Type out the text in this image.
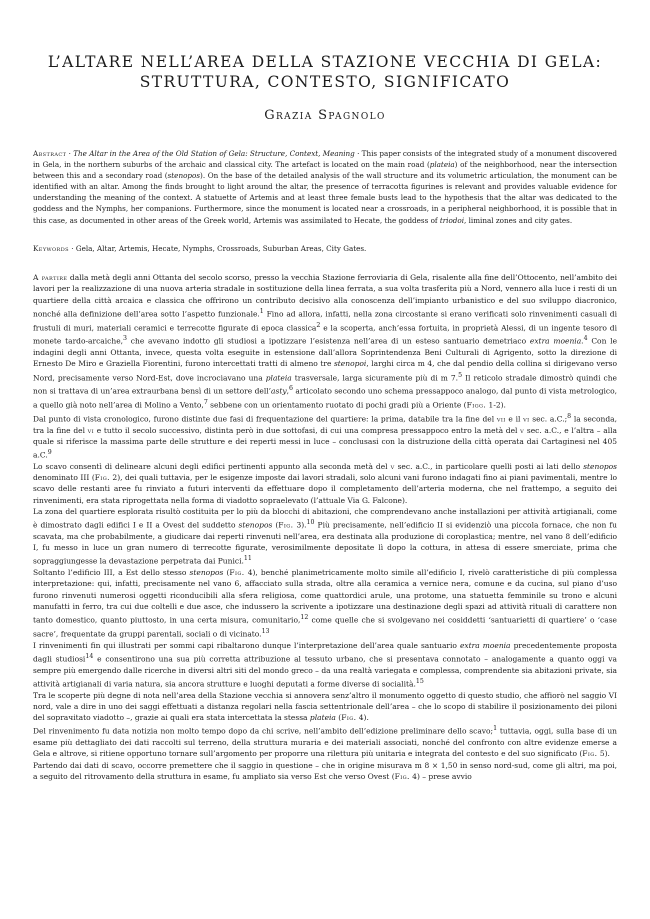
L’ALTARE NELL’AREA DELLA STAZIONE VECCHIA DI GELA:
STRUTTURA, CONTESTO, SIGNIFICATO

Grazia Spagnolo

Abstract · The Altar in the Area of the Old Station of Gela: Structure, Context, Meaning · This paper consists of the integrated study of a monument discovered in Gela, in the northern suburbs of the archaic and classical city. The artefact is located on the main road (plateia) of the neighborhood, near the intersection between this and a secondary road (stenopos). On the base of the detailed analysis of the wall structure and its volumetric articulation, the monument can be identified with an altar. Among the finds brought to light around the altar, the presence of terracotta figurines is relevant and provides valuable evidence for understanding the meaning of the context. A statuette of Artemis and at least three female busts lead to the hypothesis that the altar was dedicated to the goddess and the Nymphs, her companions. Furthermore, since the monument is located near a crossroads, in a peripheral neighborhood, it is possible that in this case, as documented in other areas of the Greek world, Artemis was assimilated to Hecate, the goddess of triodoi, liminal zones and city gates.

Keywords · Gela, Altar, Artemis, Hecate, Nymphs, Crossroads, Suburban Areas, City Gates.

A partire dalla metà degli anni Ottanta del secolo scorso, presso la vecchia Stazione ferroviaria di Gela, risalente alla fine dell’Ottocento, nell’ambito dei lavori per la realizzazione di una nuova arteria stradale in sostituzione della linea ferrata, a sua volta trasferita più a Nord, vennero alla luce i resti di un quartiere della città arcaica e classica che offrirono un contributo decisivo alla conoscenza dell’impianto urbanistico e del suo sviluppo diacronico, nonché alla definizione dell’area sotto l’aspetto funzionale.$^1$ Fino ad allora, infatti, nella zona circostante si erano verificati solo rinvenimenti casuali di frustuli di muri, materiali ceramici e terrecotte figurate di epoca classica$^2$ e la scoperta, anch’essa fortuita, in proprietà Alessi, di un ingente tesoro di monete tardo-arcaiche,$^3$ che avevano indotto gli studiosi a ipotizzare l’esistenza nell’area di un esteso santuario demetriaco extra moenia.$^4$ Con le indagini degli anni Ottanta, invece, questa volta eseguite in estensione dall’allora Soprintendenza Beni Culturali di Agrigento, sotto la direzione di Ernesto De Miro e Graziella Fiorentini, furono intercettati tratti di almeno tre stenopoi, larghi circa m 4, che dal pendio della collina si dirigevano verso Nord, precisamente verso Nord-Est, dove incrociavano una plateia trasversale, larga sicuramente più di m 7.$^5$ Il reticolo stradale dimostrò quindi che non si trattava di un’area extraurbana bensì di un settore dell’asty,$^6$ articolato secondo uno schema pressappoco analogo, dal punto di vista metrologico, a quello già noto nell’area di Molino a Vento,$^7$ sebbene con un orientamento ruotato di pochi gradi più a Oriente (Figg. 1-2).

Dal punto di vista cronologico, furono distinte due fasi di frequentazione del quartiere: la prima, databile tra la fine del vii e il vi sec. a.C.;$^8$ la seconda, tra la fine del vi e tutto il secolo successivo, distinta però in due sottofasi, di cui una compresa pressappoco entro la metà del v sec. a.C., e l’altra – alla quale si riferisce la massima parte delle strutture e dei reperti messi in luce – conclusasi con la distruzione della città operata dai Cartaginesi nel 405 a.C.$^9$

Lo scavo consentì di delineare alcuni degli edifici pertinenti appunto alla seconda metà del v sec. a.C., in particolare quelli posti ai lati dello stenopos denominato III (Fig. 2), dei quali tuttavia, per le esigenze imposte dai lavori stradali, solo alcuni vani furono indagati fino ai piani pavimentali, mentre lo scavo delle restanti aree fu rinviato a futuri interventi da effettuare dopo il completamento dell’arteria moderna, che nel frattempo, a seguito dei rinvenimenti, era stata riprogettata nella forma di viadotto sopraelevato (l’attuale Via G. Falcone).

La zona del quartiere esplorata risultò costituita per lo più da blocchi di abitazioni, che comprendevano anche installazioni per attività artigianali, come è dimostrato dagli edifici I e II a Ovest del suddetto stenopos (Fig. 3).$^{10}$ Più precisamente, nell’edificio II si evidenziò una piccola fornace, che non fu scavata, ma che probabilmente, a giudicare dai reperti rinvenuti nell’area, era destinata alla produzione di coroplastica; mentre, nel vano 8 dell’edificio I, fu messo in luce un gran numero di terrecotte figurate, verosimilmente depositate lì dopo la cottura, in attesa di essere smerciate, prima che sopraggiungesse la devastazione perpetrata dai Punici.$^{11}$

Soltanto l’edificio III, a Est dello stesso stenopos (Fig. 4), benché planimetricamente molto simile all’edificio I, rivelò caratteristiche di più complessa interpretazione: qui, infatti, precisamente nel vano 6, affacciato sulla strada, oltre alla ceramica a vernice nera, comune e da cucina, sul piano d’uso furono rinvenuti numerosi oggetti riconducibili alla sfera religiosa, come quattordici arule, una protome, una statuetta femminile su trono e alcuni manufatti in ferro, tra cui due coltelli e due asce, che indussero la scrivente a ipotizzare una destinazione degli spazi ad attività rituali di carattere non tanto domestico, quanto piuttosto, in una certa misura, comunitario,$^{12}$ come quelle che si svolgevano nei cosiddetti ‘santuarietti di quartiere’ o ‘case sacre’, frequentate da gruppi parentali, sociali o di vicinato.$^{13}$

I rinvenimenti fin qui illustrati per sommi capi ribaltarono dunque l’interpretazione dell’area quale santuario extra moenia precedentemente proposta dagli studiosi$^{14}$ e consentirono una sua più corretta attribuzione al tessuto urbano, che si presentava connotato – analogamente a quanto oggi va sempre più emergendo dalle ricerche in diversi altri siti del mondo greco – da una realtà variegata e complessa, comprendente sia abitazioni private, sia attività artigianali di varia natura, sia ancora strutture e luoghi deputati a forme diverse di socialità.$^{15}$

Tra le scoperte più degne di nota nell’area della Stazione vecchia si annovera senz’altro il monumento oggetto di questo studio, che affiorò nel saggio VI nord, vale a dire in uno dei saggi effettuati a distanza regolari nella fascia settentrionale dell’area – che lo scopo di stabilire il posizionamento dei piloni del soprачitato viadotto –, grazie ai quali era stata intercettata la stessa plateia (Fig. 4).

Del rinvenimento fu data notizia non molto tempo dopo da chi scrive, nell’ambito dell’edizione preliminare dello scavo;$^1$ tuttavia, oggi, sulla base di un esame più dettagliato dei dati raccolti sul terreno, della struttura muraria e dei materiali associati, nonché del confronto con altre evidenze emerse a Gela e altrove, si ritiene opportuno tornare sull’argomento per proporre una rilettura più unitaria e integrata del contesto e del suo significato (Fig. 5).

Partendo dai dati di scavo, occorre premettere che il saggio in questione – che in origine misurava m 8 × 1,50 in senso nord-sud, come gli altri, ma poi, a seguito del ritrovamento della struttura in esame, fu ampliato sia verso Est che verso Ovest (Fig. 4) – prese avvio
